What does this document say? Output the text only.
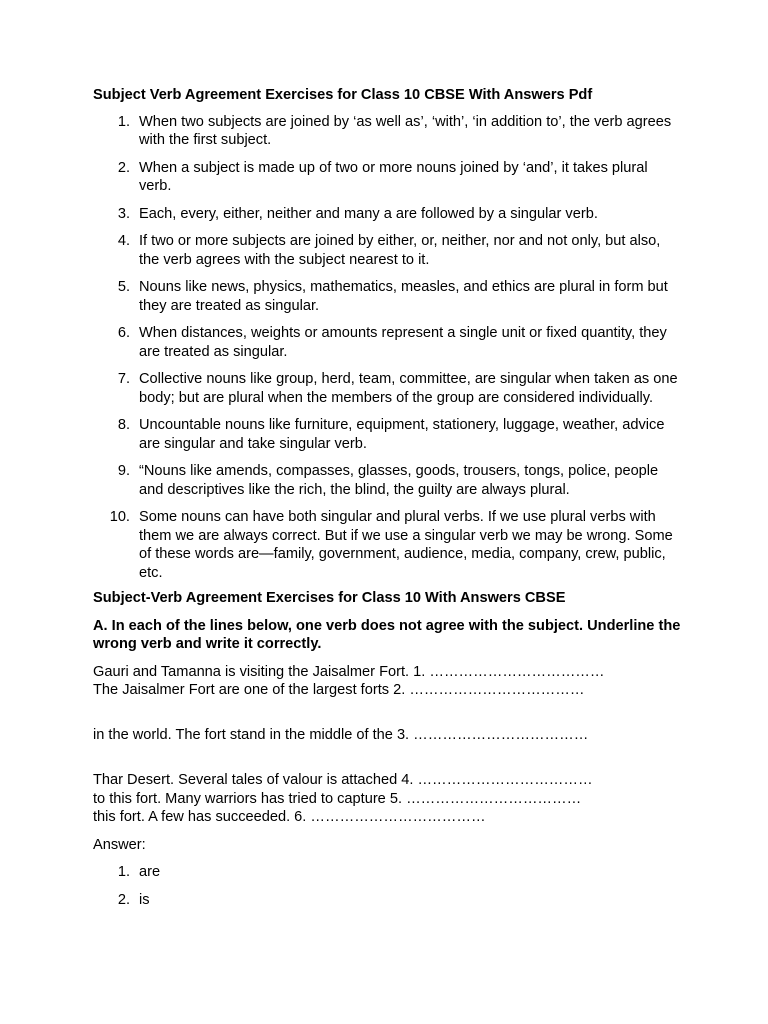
Subject Verb Agreement Exercises for Class 10 CBSE With Answers Pdf

1. When two subjects are joined by ‘as well as’, ‘with’, ‘in addition to’, the verb agrees with the first subject.
2. When a subject is made up of two or more nouns joined by ‘and’, it takes plural verb.
3. Each, every, either, neither and many a are followed by a singular verb.
4. If two or more subjects are joined by either, or, neither, nor and not only, but also, the verb agrees with the subject nearest to it.
5. Nouns like news, physics, mathematics, measles, and ethics are plural in form but they are treated as singular.
6. When distances, weights or amounts represent a single unit or fixed quantity, they are treated as singular.
7. Collective nouns like group, herd, team, committee, are singular when taken as one body; but are plural when the members of the group are considered individually.
8. Uncountable nouns like furniture, equipment, stationery, luggage, weather, advice are singular and take singular verb.
9. “Nouns like amends, compasses, glasses, goods, trousers, tongs, police, people and descriptives like the rich, the blind, the guilty are always plural.
10. Some nouns can have both singular and plural verbs. If we use plural verbs with them we are always correct. But if we use a singular verb we may be wrong. Some of these words are—family, government, audience, media, company, crew, public, etc.

Subject-Verb Agreement Exercises for Class 10 With Answers CBSE

A. In each of the lines below, one verb does not agree with the subject. Underline the wrong verb and write it correctly.

Gauri and Tamanna is visiting the Jaisalmer Fort. 1. ………………………………

The Jaisalmer Fort are one of the largest forts 2. ………………………………

in the world. The fort stand in the middle of the 3. ………………………………

Thar Desert. Several tales of valour is attached 4. ………………………………

to this fort. Many warriors has tried to capture 5. ………………………………

this fort. A few has succeeded. 6. ………………………………

Answer:

1. are
2. is
